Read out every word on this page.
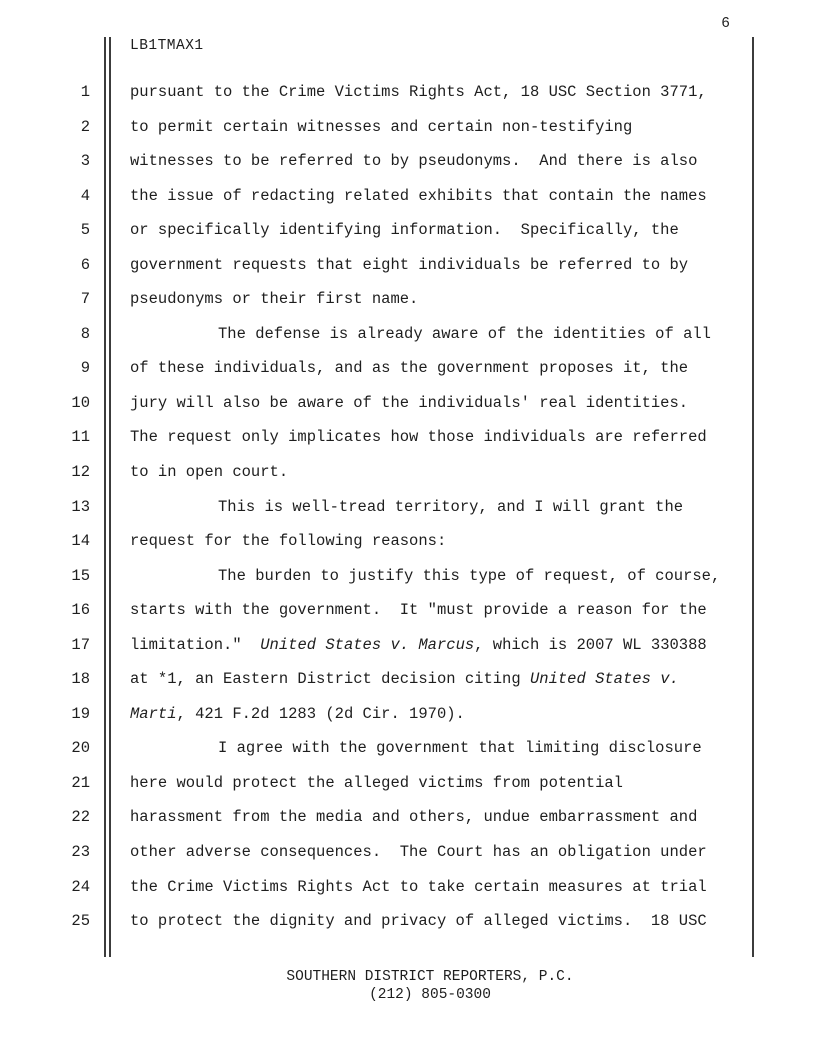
6
LB1TMAX1
1	pursuant to the Crime Victims Rights Act, 18 USC Section 3771,
2	to permit certain witnesses and certain non-testifying
3	witnesses to be referred to by pseudonyms.  And there is also
4	the issue of redacting related exhibits that contain the names
5	or specifically identifying information.  Specifically, the
6	government requests that eight individuals be referred to by
7	pseudonyms or their first name.
8	The defense is already aware of the identities of all
9	of these individuals, and as the government proposes it, the
10	jury will also be aware of the individuals' real identities.
11	The request only implicates how those individuals are referred
12	to in open court.
13	This is well-tread territory, and I will grant the
14	request for the following reasons:
15	The burden to justify this type of request, of course,
16	starts with the government.  It "must provide a reason for the
17	limitation."  United States v. Marcus, which is 2007 WL 330388
18	at *1, an Eastern District decision citing United States v.
19	Marti, 421 F.2d 1283 (2d Cir. 1970).
20	I agree with the government that limiting disclosure
21	here would protect the alleged victims from potential
22	harassment from the media and others, undue embarrassment and
23	other adverse consequences.  The Court has an obligation under
24	the Crime Victims Rights Act to take certain measures at trial
25	to protect the dignity and privacy of alleged victims.  18 USC
SOUTHERN DISTRICT REPORTERS, P.C.
(212) 805-0300
